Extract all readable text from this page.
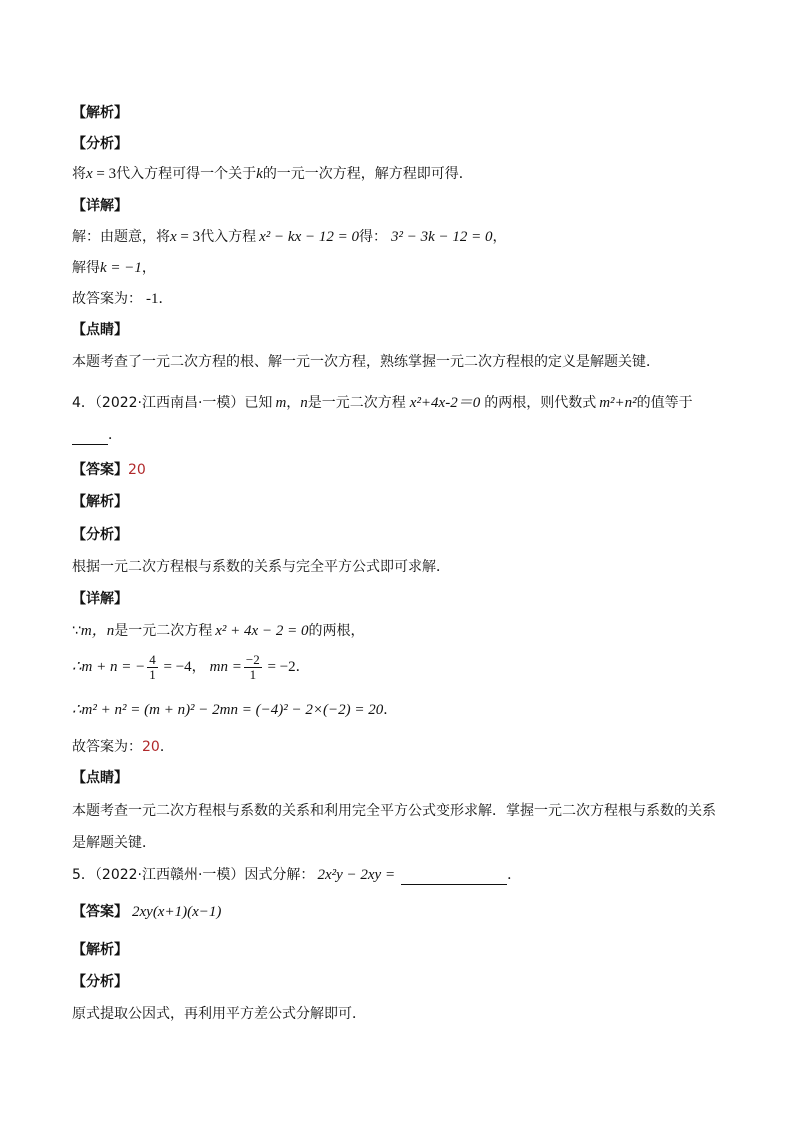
【解析】
【分析】
将x = 3代入方程可得一个关于k的一元一次方程，解方程即可得．
【详解】
解：由题意，将x = 3代入方程 x² − kx − 12 = 0得： 3² − 3k − 12 = 0，
解得k = −1，
故答案为： -1．
【点睛】
本题考查了一元二次方程的根、解一元一次方程，熟练掌握一元二次方程根的定义是解题关键．
4．（2022·江西南昌·一模）已知 m，n是一元二次方程 x²+4x-2＝0 的两根，则代数式 m²+n²的值等于
．
【答案】20
【解析】
【分析】
根据一元二次方程根与系数的关系与完全平方公式即可求解．
【详解】
∵m，n是一元二次方程 x² + 4x − 2 = 0的两根，
∴m + n = − $\frac{4}{1} = -4$， mn = $\frac{-2}{1} = -2$．
∴m² + n² = (m + n)² − 2mn = (−4)² − 2×(−2) = 20．
故答案为：20．
【点睛】
本题考查一元二次方程根与系数的关系和利用完全平方公式变形求解．掌握一元二次方程根与系数的关系
是解题关键．
5．（2022·江西赣州·一模）因式分解： 2x²y − 2xy =	．
【答案】 2xy(x+1)(x−1)
【解析】
【分析】
原式提取公因式，再利用平方差公式分解即可．
